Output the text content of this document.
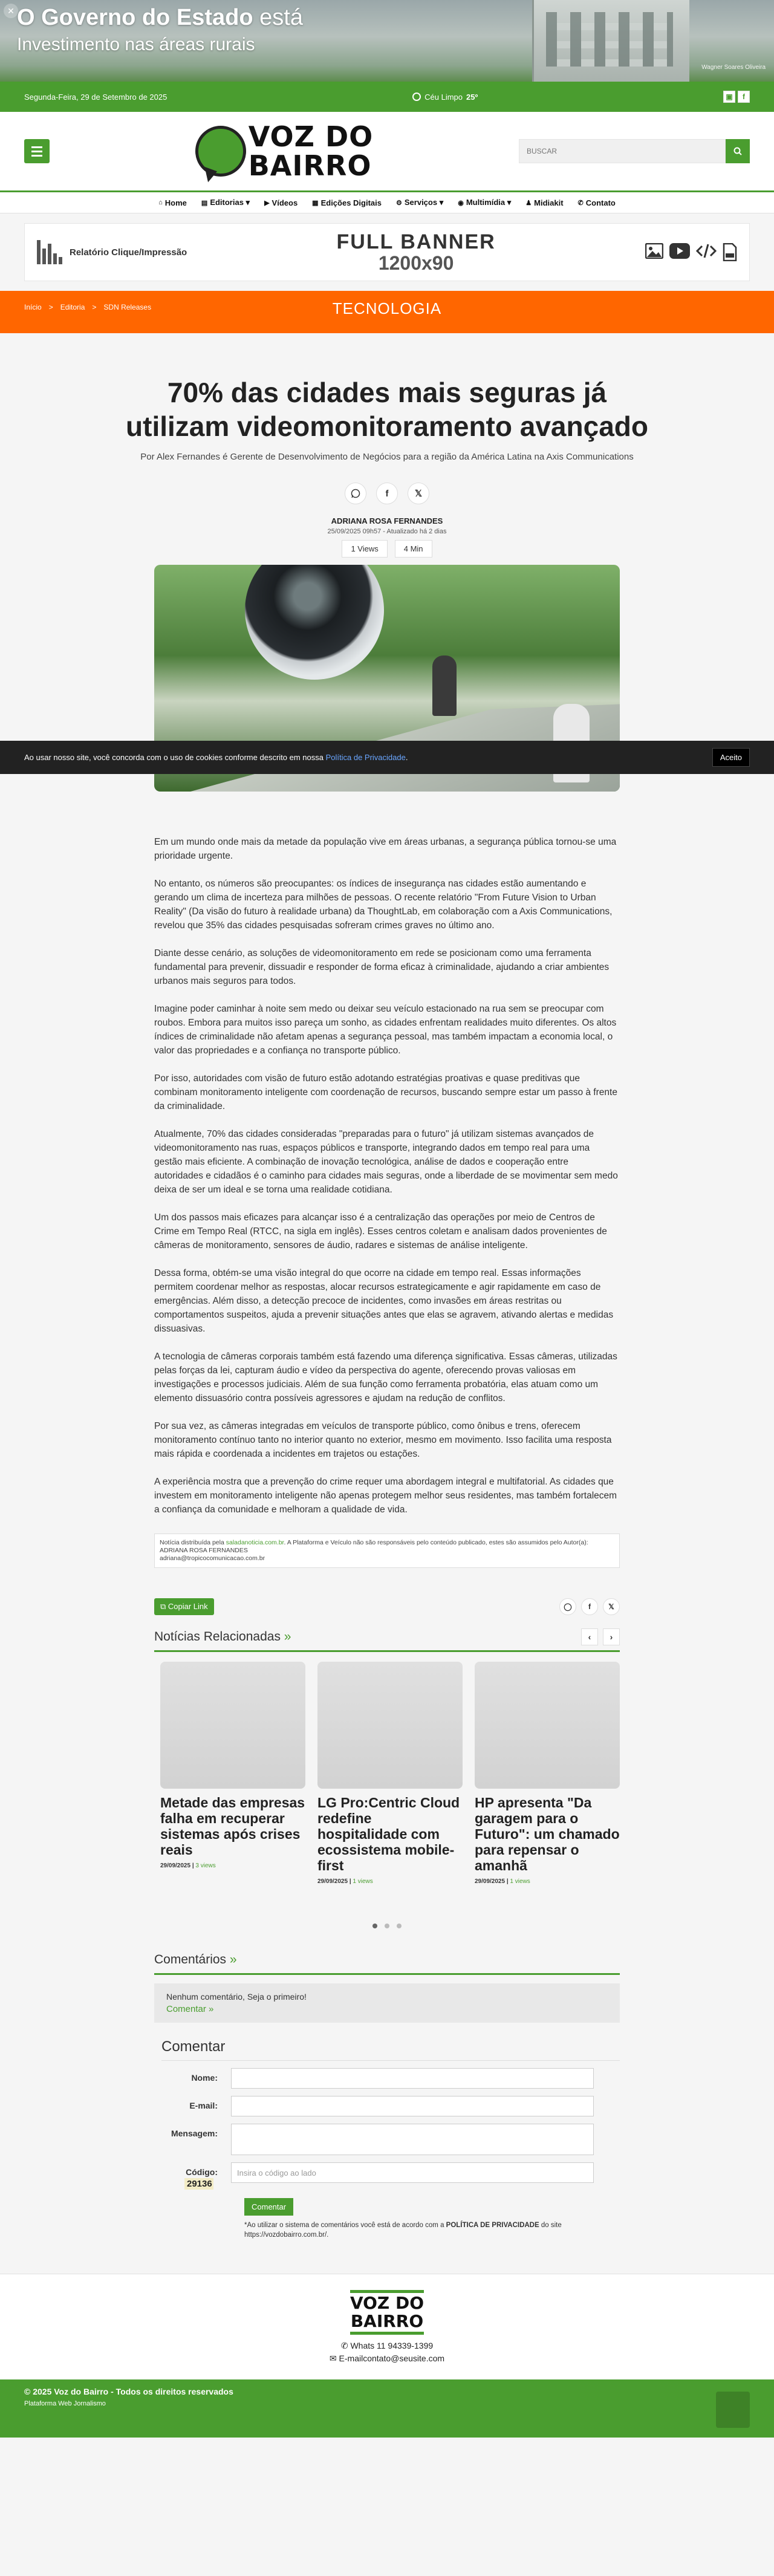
✕ O Governo do Estado está
Investimento nas áreas rurais
Wagner Soares Oliveira
Segunda-Feira, 29 de Setembro de 2025	Céu Limpo 25º	▣	f
VOZ DO
BAIRRO
BUSCAR
⌂ Home ▤ Editorias ▾ ▶ Vídeos ▦ Edições Digitais ⚙ Serviços ▾ ◉ Multimídia ▾ ♟ Midiakit ✆ Contato
Relatório Clique/Impressão	FULL BANNER
1200x90
Início > Editoria > SDN Releases	TECNOLOGIA
70% das cidades mais seguras já utilizam videomonitoramento avançado
Por Alex Fernandes é Gerente de Desenvolvimento de Negócios para a região da América Latina na Axis Communications
f	𝕏
ADRIANA ROSA FERNANDES
25/09/2025 09h57 - Atualizado há 2 dias
1 Views	4 Min

Em um mundo onde mais da metade da população vive em áreas urbanas, a segurança pública tornou-se uma prioridade urgente.

No entanto, os números são preocupantes: os índices de insegurança nas cidades estão aumentando e gerando um clima de incerteza para milhões de pessoas. O recente relatório "From Future Vision to Urban Reality" (Da visão do futuro à realidade urbana) da ThoughtLab, em colaboração com a Axis Communications, revelou que 35% das cidades pesquisadas sofreram crimes graves no último ano.

Diante desse cenário, as soluções de videomonitoramento em rede se posicionam como uma ferramenta fundamental para prevenir, dissuadir e responder de forma eficaz à criminalidade, ajudando a criar ambientes urbanos mais seguros para todos.

Imagine poder caminhar à noite sem medo ou deixar seu veículo estacionado na rua sem se preocupar com roubos. Embora para muitos isso pareça um sonho, as cidades enfrentam realidades muito diferentes. Os altos índices de criminalidade não afetam apenas a segurança pessoal, mas também impactam a economia local, o valor das propriedades e a confiança no transporte público.

Por isso, autoridades com visão de futuro estão adotando estratégias proativas e quase preditivas que combinam monitoramento inteligente com coordenação de recursos, buscando sempre estar um passo à frente da criminalidade.

Atualmente, 70% das cidades consideradas "preparadas para o futuro" já utilizam sistemas avançados de videomonitoramento nas ruas, espaços públicos e transporte, integrando dados em tempo real para uma gestão mais eficiente. A combinação de inovação tecnológica, análise de dados e cooperação entre autoridades e cidadãos é o caminho para cidades mais seguras, onde a liberdade de se movimentar sem medo deixa de ser um ideal e se torna uma realidade cotidiana.

Um dos passos mais eficazes para alcançar isso é a centralização das operações por meio de Centros de Crime em Tempo Real (RTCC, na sigla em inglês). Esses centros coletam e analisam dados provenientes de câmeras de monitoramento, sensores de áudio, radares e sistemas de análise inteligente.

Dessa forma, obtém-se uma visão integral do que ocorre na cidade em tempo real. Essas informações permitem coordenar melhor as respostas, alocar recursos estrategicamente e agir rapidamente em caso de emergências. Além disso, a detecção precoce de incidentes, como invasões em áreas restritas ou comportamentos suspeitos, ajuda a prevenir situações antes que elas se agravem, ativando alertas e medidas dissuasivas.

A tecnologia de câmeras corporais também está fazendo uma diferença significativa. Essas câmeras, utilizadas pelas forças da lei, capturam áudio e vídeo da perspectiva do agente, oferecendo provas valiosas em investigações e processos judiciais. Além de sua função como ferramenta probatória, elas atuam como um elemento dissuasório contra possíveis agressores e ajudam na redução de conflitos.

Por sua vez, as câmeras integradas em veículos de transporte público, como ônibus e trens, oferecem monitoramento contínuo tanto no interior quanto no exterior, mesmo em movimento. Isso facilita uma resposta mais rápida e coordenada a incidentes em trajetos ou estações.

A experiência mostra que a prevenção do crime requer uma abordagem integral e multifatorial. As cidades que investem em monitoramento inteligente não apenas protegem melhor seus residentes, mas também fortalecem a confiança da comunidade e melhoram a qualidade de vida.

Notícia distribuída pela saladanoticia.com.br. A Plataforma e Veículo não são responsáveis pelo conteúdo publicado, estes são assumidos pelo Autor(a):
ADRIANA ROSA FERNANDES
adriana@tropicocomunicacao.com.br
⧉ Copiar Link	◯	f	𝕏
Notícias Relacionadas »	‹	›
Metade das empresas falha em recuperar sistemas após crises reais
29/09/2025 | 3 views
LG Pro:Centric Cloud redefine hospitalidade com ecossistema mobile-first
29/09/2025 | 1 views
HP apresenta "Da garagem para o Futuro": um chamado para repensar o amanhã
29/09/2025 | 1 views
Comentários »
Nenhum comentário, Seja o primeiro!
Comentar »
Comentar
Nome:
E-mail:
Mensagem:
Código:
29136
Insira o código ao lado
Comentar
*Ao utilizar o sistema de comentários você está de acordo com a POLÍTICA DE PRIVACIDADE do site https://vozdobairro.com.br/.
VOZ DO
BAIRRO
✆ Whats 11 94339-1399
✉ E-mailcontato@seusite.com
© 2025 Voz do Bairro - Todos os direitos reservados
Plataforma Web Jornalismo
Ao usar nosso site, você concorda com o uso de cookies conforme descrito em nossa Política de Privacidade.	Aceito
